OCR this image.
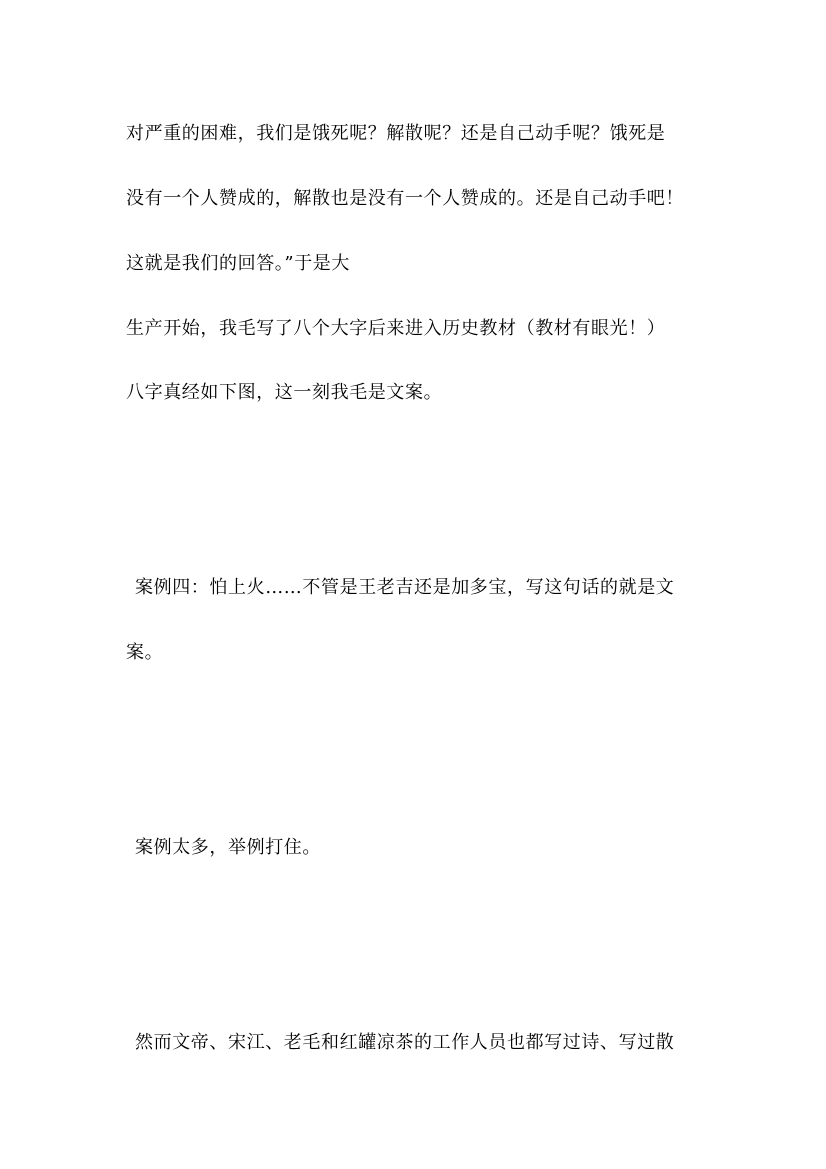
对严重的困难，我们是饿死呢？解散呢？还是自己动手呢？饿死是
没有一个人赞成的，解散也是没有一个人赞成的。还是自己动手吧！
这就是我们的回答。”于是大
生产开始，我毛写了八个大字后来进入历史教材（教材有眼光！）
八字真经如下图，这一刻我毛是文案。
案例四：怕上火……不管是王老吉还是加多宝，写这句话的就是文
案。
案例太多，举例打住。
然而文帝、宋江、老毛和红罐凉茶的工作人员也都写过诗、写过散
